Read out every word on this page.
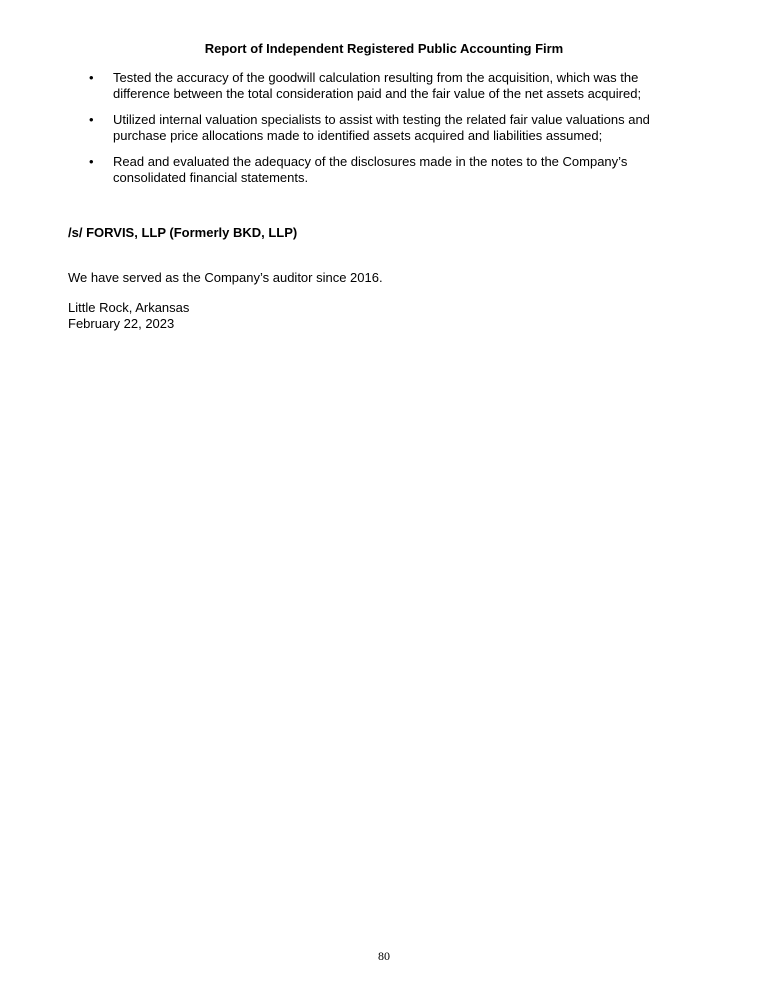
Report of Independent Registered Public Accounting Firm
• Tested the accuracy of the goodwill calculation resulting from the acquisition, which was the difference between the total consideration paid and the fair value of the net assets acquired;
• Utilized internal valuation specialists to assist with testing the related fair value valuations and purchase price allocations made to identified assets acquired and liabilities assumed;
• Read and evaluated the adequacy of the disclosures made in the notes to the Company’s consolidated financial statements.
/s/ FORVIS, LLP (Formerly BKD, LLP)
We have served as the Company’s auditor since 2016.
Little Rock, Arkansas
February 22, 2023
80
